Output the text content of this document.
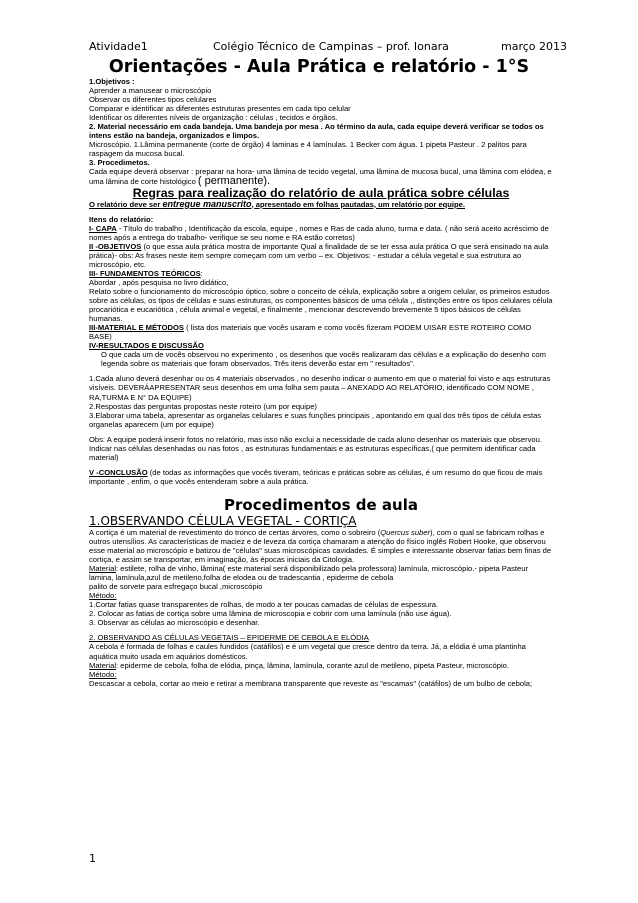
Atividade1	Colégio Técnico de Campinas – prof. Ionara	março 2013
Orientações - Aula Prática e relatório - 1°S

1.Objetivos :

Aprender a manusear o microscópio

Observar os diferentes tipos celulares

Comparar e identificar as diferentes estruturas presentes em cada tipo celular

Identificar os diferentes níveis de organização : células , tecidos e órgãos.

2. Material necessário em cada bandeja. Uma bandeja por mesa . Ao término da aula, cada equipe deverá verificar se todos os intens estão na bandeja, organizados e limpos.

Microscópio. 1.Lâmina permanente (corte de órgão) 4 laminas e 4 lamínulas. 1 Becker com água. 1 pipeta Pasteur . 2 palitos para raspagem da mucosa bucal.

3. Procedimetos.

Cada equipe deverá observar : preparar na hora- uma lâmina de tecido vegetal, uma lâmina de mucosa bucal, uma lâmina com elódea, e uma lâmina de corte histológico ( permanente).

Regras para realização do relatório de aula prática sobre células

O relatório deve ser entregue manuscrito, apresentado em folhas pautadas, um relatório por equipe.

Itens do relatório:

I- CAPA - Título do trabalho , Identificação da escola, equipe , nomes e Ras de cada aluno, turma e data. ( não será aceito acréscimo de nomes após a entrega do trabalho- verifique se seu nome e RA estão corretos)

II -OBJETIVOS (o que essa aula prática mostra de importante Qual a finalidade de se ter essa aula prática O que será ensinado na aula prática)- obs: As frases neste item sempre começam com um verbo – ex. Objetivos: - estudar a célula vegetal e sua estrutura ao microscópio, etc.

III- FUNDAMENTOS TEÓRICOS:

Abordar , após pesquisa no livro didático,

Relato sobre o funcionamento do microscópio óptico, sobre o conceito de célula, explicação sobre a origem celular, os primeiros estudos sobre as células, os tipos de células e suas estruturas, os componentes básicos de uma célula ,, distinções entre os tipos celulares célula procariótica e eucariótica , célula animal e vegetal, e finalmente , mencionar descrevendo brevemente 5 tipos básicos de células humanas.

III-MATERIAL E MÉTODOS ( lista dos materiais que vocês usaram e como vocês fizeram PODEM UISAR ESTE ROTEIRO COMO BASE)

IV-RESULTADOS E DISCUSSÃO

O que cada um de vocês observou no experimento , os desenhos que vocês realizaram das células e a explicação do desenho com legenda sobre os materiais que foram observados. Três itens deverão estar em " resultados".

1.Cada aluno deverá desenhar ou os 4 materiais observados , no desenho indicar o aumento em que o material foi visto e aqs estruturas visíveis. DEVERÁAPRESENTAR seus desenhos em uma folha sem pauta – ANEXADO AO RELATÓRIO, identificado COM NOME , RA,TURMA E N° DA EQUIPE)

2.Respostas das perguntas propostas neste roteiro (um por equipe)

3.Elaborar uma tabela, apresentar as organelas celulares e suas funções principais , apontando em qual dos três tipos de célula estas organelas aparecem (um por equipe)

Obs: A equipe poderá inserir fotos no relatório, mas isso não exclui a necessidade de cada aluno desenhar os materiais que observou. Indicar nas células desenhadas ou nas fotos , as estruturas fundamentais e as estruturas específicas,( que permitem identificar cada material)

V -CONCLUSÃO (de todas as informações que vocês tiveram, teóricas e práticas sobre as células, é um resumo do que ficou de mais importante , enfim, o que vocês entenderam sobre a aula prática.

Procedimentos de aula

1.OBSERVANDO CÉLULA VEGETAL - CORTIÇA

A cortiça é um material de revestimento do tronco de certas árvores, como o sobreiro (Quercus suber), com o qual se fabricam rolhas e outros utensílios. As características de maciez e de leveza da cortiça chamaram a atenção do físico inglês Robert Hooke, que observou esse material ao microscópio e batizou de "células" suas microscópicas cavidades. É simples e interessante observar fatias bem finas de cortiça, e assim se transportar, em imaginação, às épocas iniciais da Citologia.

Material: estilete, rolha de vinho, lâmina( este material será disponibilizado pela professora) lamínula, microscópio.- pipeta Pasteur

lamina, lamínula,azul de metileno,folha de elodea ou de tradescantia , epiderme de cebola

palito de sorvete para esfregaço bucal ,microscópio

Método:

1.Cortar fatias quase transparentes de rolhas, de modo a ter poucas camadas de células de espessura.

2. Colocar as fatias de cortiça sobre uma lâmina de microscopia e cobrir com uma lamínula (não use água).

3. Observar as células ao microscópio e desenhar.

2. OBSERVANDO AS CÉLULAS VEGETAIS – EPIDERME DE CEBOLA E ELÓDIA

A cebola é formada de folhas e caules fundidos (catáfilos) e é um vegetal que cresce dentro da terra. Já, a elódia é uma plantinha aquática muito usada em aquários domésticos.

Material: epiderme de cebola, folha de elódia, pinça, lâmina, lamínula, corante azul de metileno, pipeta Pasteur, microscópio.

Método:

Descascar a cebola, cortar ao meio e retirar a membrana transparente que reveste as "escamas" (catáfilos) de um bulbo de cebola;

1
